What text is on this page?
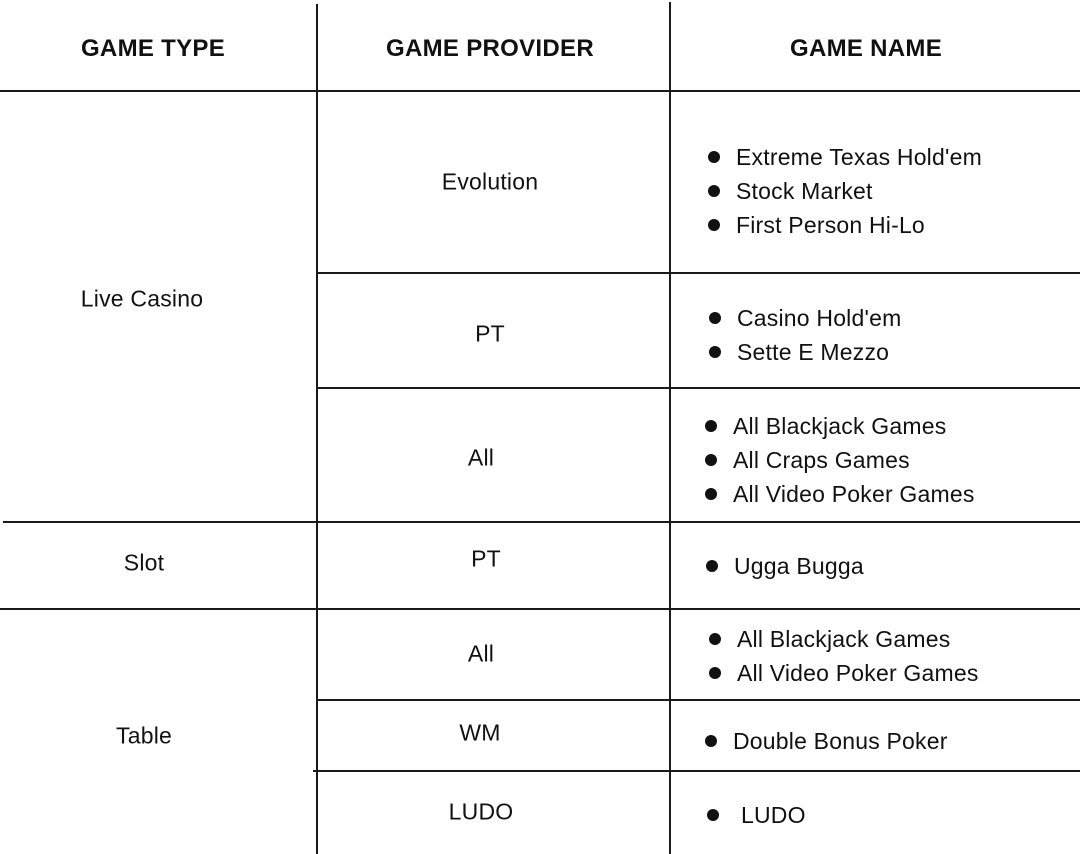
GAME TYPE	GAME PROVIDER	GAME NAME
Live Casino
Slot
Table
Evolution
PT
All
PT
All
WM
LUDO
Extreme Texas Hold'em
Stock Market
First Person Hi-Lo
Casino Hold'em
Sette E Mezzo
All Blackjack Games
All Craps Games
All Video Poker Games
Ugga Bugga
All Blackjack Games
All Video Poker Games
Double Bonus Poker
LUDO
